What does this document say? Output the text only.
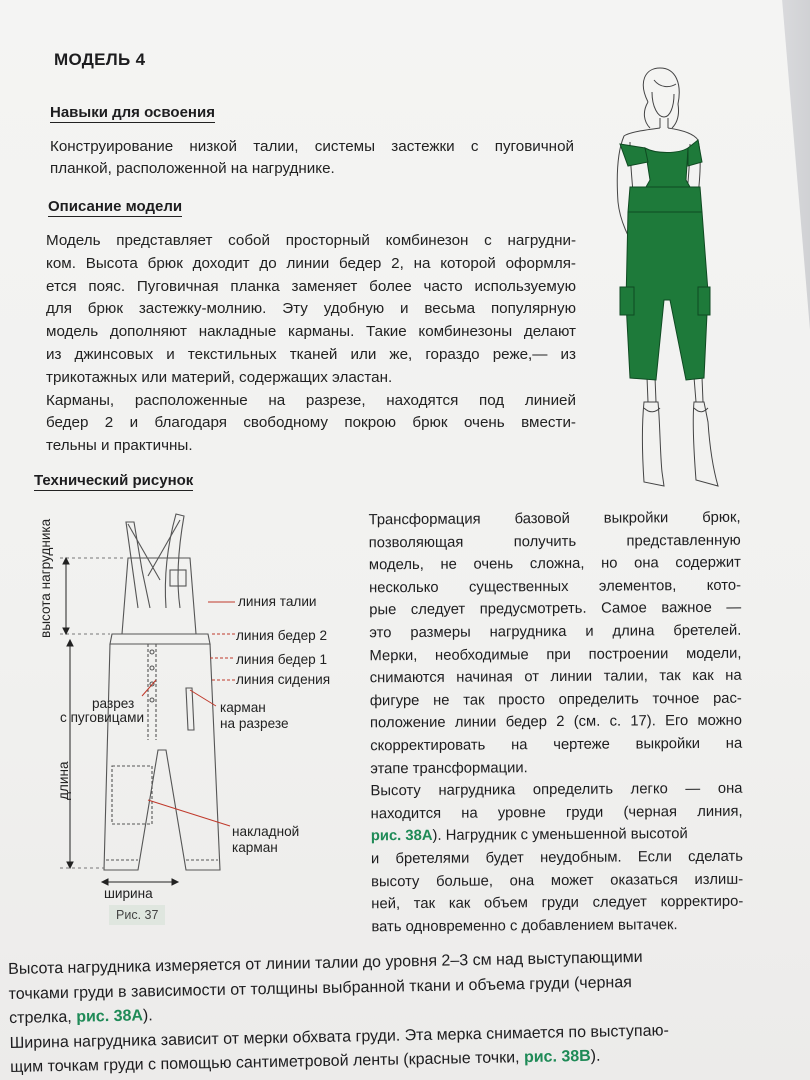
МОДЕЛЬ 4
Навыки для освоения
Конструирование низкой талии, системы застежки с пуговичной
планкой, расположенной на нагруднике.
Описание модели
Модель представляет собой просторный комбинезон с нагрудни-
ком. Высота брюк доходит до линии бедер 2, на которой оформля-
ется пояс. Пуговичная планка заменяет более часто используемую
для брюк застежку-молнию. Эту удобную и весьма популярную
модель дополняют накладные карманы. Такие комбинезоны делают
из джинсовых и текстильных тканей или же, гораздо реже,— из
трикотажных или материй, содержащих эластан.
Карманы, расположенные на разрезе, находятся под линией
бедер 2 и благодаря свободному покрою брюк очень вмести-
тельны и практичны.
Технический рисунок
высота нагрудника
длина
линия талии
линия бедер 2
линия бедер 1
линия сидения
разрез
с пуговицами
карман
на разрезе
накладной
карман
ширина
Рис. 37
Трансформация базовой выкройки брюк,
позволяющая получить представленную
модель, не очень сложна, но она содержит
несколько существенных элементов, кото-
рые следует предусмотреть. Самое важное —
это размеры нагрудника и длина бретелей.
Мерки, необходимые при построении модели,
снимаются начиная от линии талии, так как на
фигуре не так просто определить точное рас-
положение линии бедер 2 (см. с. 17). Его можно
скорректировать на чертеже выкройки на
этапе трансформации.
Высоту нагрудника определить легко — она
находится на уровне груди (черная линия,
рис. 38А). Нагрудник с уменьшенной высотой
и бретелями будет неудобным. Если сделать
высоту больше, она может оказаться излиш-
ней, так как объем груди следует корректиро-
вать одновременно с добавлением вытачек.
Высота нагрудника измеряется от линии талии до уровня 2–3 см над выступающими
точками груди в зависимости от толщины выбранной ткани и объема груди (черная
стрелка, рис. 38А).
Ширина нагрудника зависит от мерки обхвата груди. Эта мерка снимается по выступаю-
щим точкам груди с помощью сантиметровой ленты (красные точки, рис. 38В).
